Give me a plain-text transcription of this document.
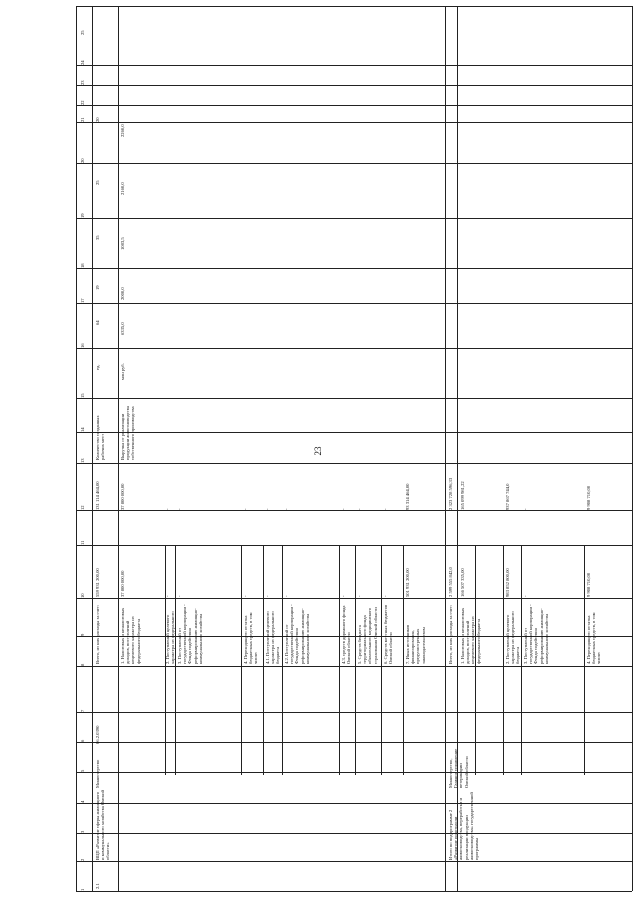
23
1
2
3
4
5
6
7
8
9
10
11
12
13
14
15
16
17
18
19
20
21
22
23
24
25
2.1
ВЦП «Развитие сферы жилищного и коммунального хозяйства Омской области»
Министерство
06.2.0390
Всего, из них расходы за счет:
559 931 200,00
131 114 464,00
Количество созданных рабочих мест
ед.
64
19
35
25
20
Выручка от реализации продукции животноводства собственного производства
млн руб.
6335,0
2000,0
1083,5
2160,0
2260,0
1. Налоговых и неналоговых доходов, поступлений нецелевого характера из федерального бюджета
37 800 000,00
37 800 000,00
2. Поступлений целевого характера из федерального
-
-
3. Поступлений от государственной корпорации - Фонда содействия реформированию жилищно-коммунального хозяйства
-
-
4. Переходящего остатка бюджетных средств, в том числе:
-
-
4.1. Поступлений целевого характера из федерального бюджета
-
-
4.2. Поступлений от государственной корпорации - Фонда содействия реформированию жилищно-коммунального хозяйства
-
-
4.3. средств дорожного фонда Омской области
-
-
5. Средств бюджета территориального фонда обязательного медицинского страхования Омской области
-
-
6. Средств местных бюджетов Омской области
-
-
7. Иных источников финансирования, предусмотренных законодательством
501 931 200,00
93 314 464,00
Итого по подпрограмме 2 «Развитие подотрасли животноводства, переработки и реализации продукции животноводства» государственной программы
Министерство, Главное управление ветеринарии Омской области
Всего, из них расходы за счет:
2 599 555 842,0
2 323 728 596,33
1. Налоговых и неналоговых доходов, поступлений нецелевого характера из федерального бюджета
166 507 335,00
165 099 981,22
2. Поступлений целевого характера из федерального бюджета
983 852 800,00
937 867 744,0
3. Поступлений от государственной корпорации - Фонда содействия реформированию жилищно-коммунального хозяйства
-
-
4. Переходящего остатка бюджетных средств, в том числе:
9 908 710,00
9 908 710,00
